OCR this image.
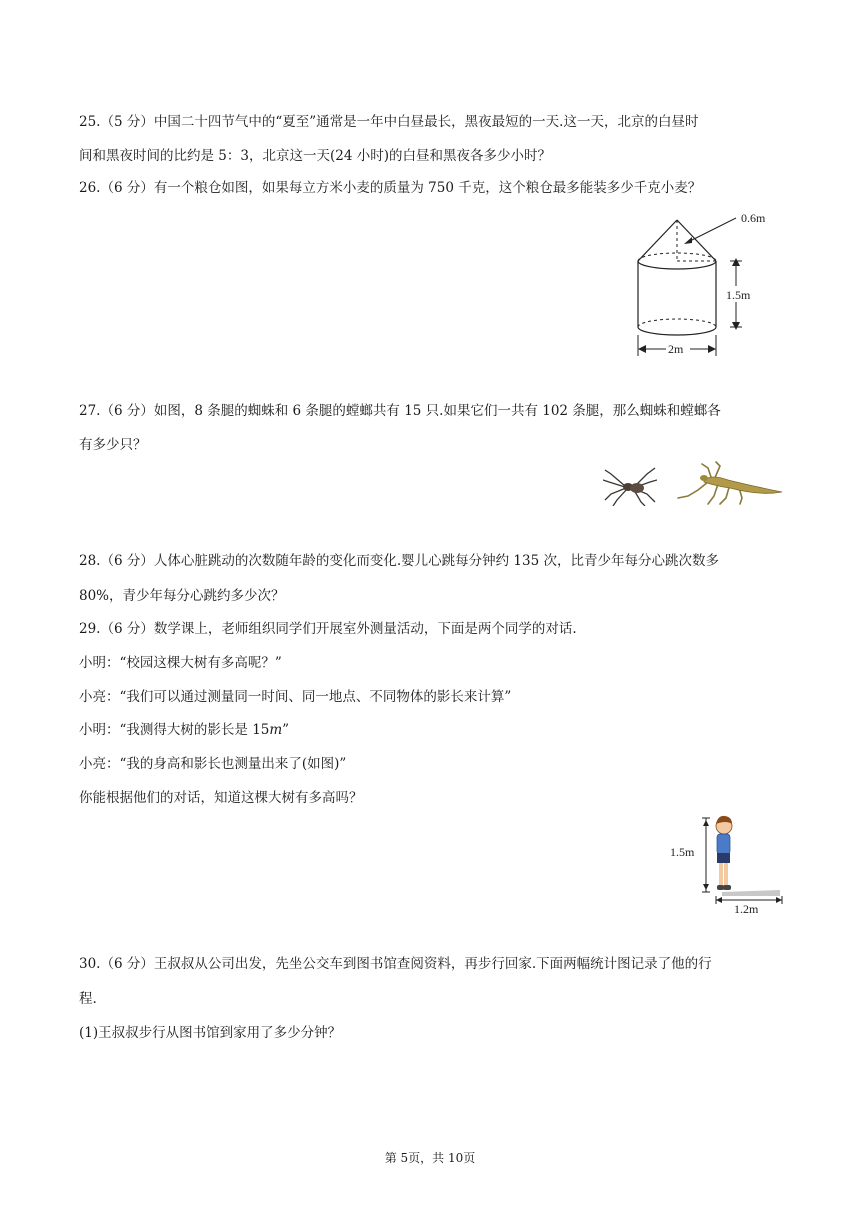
25.（5 分）中国二十四节气中的“夏至”通常是一年中白昼最长，黑夜最短的一天.这一天，北京的白昼时
间和黑夜时间的比约是 5：3，北京这一天(24 小时)的白昼和黑夜各多少小时？
26.（6 分）有一个粮仓如图，如果每立方米小麦的质量为 750 千克，这个粮仓最多能装多少千克小麦？
0.6m
1.5m
2m
27.（6 分）如图，8 条腿的蜘蛛和 6 条腿的螳螂共有 15 只.如果它们一共有 102 条腿，那么蜘蛛和螳螂各
有多少只？
28.（6 分）人体心脏跳动的次数随年龄的变化而变化.婴儿心跳每分钟约 135 次，比青少年每分心跳次数多
80%，青少年每分心跳约多少次？
29.（6 分）数学课上，老师组织同学们开展室外测量活动，下面是两个同学的对话.
小明：“校园这棵大树有多高呢？”
小亮：“我们可以通过测量同一时间、同一地点、不同物体的影长来计算”
小明：“我测得大树的影长是 15𝑚”
小亮：“我的身高和影长也测量出来了(如图)”
你能根据他们的对话，知道这棵大树有多高吗？
1.5m
1.2m
30.（6 分）王叔叔从公司出发，先坐公交车到图书馆查阅资料，再步行回家.下面两幅统计图记录了他的行
程.
(1)王叔叔步行从图书馆到家用了多少分钟？
第 5页，共 10页
